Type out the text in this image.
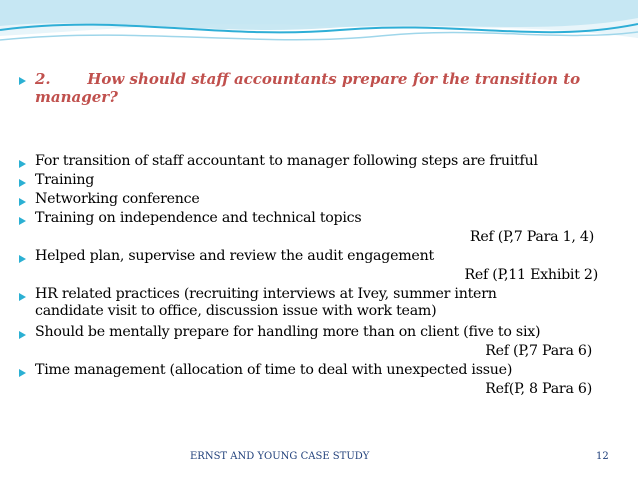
2. How should staff accountants prepare for the transition to

manager?

For transition of staff accountant to manager following steps are fruitful

Training

Networking conference

Training on independence and technical topics

Ref (P,7 Para 1, 4)

Helped plan, supervise and review the audit engagement

Ref (P,11 Exhibit 2)

HR related practices (recruiting interviews at Ivey, summer intern

candidate visit to office, discussion issue with work team)

Should be mentally prepare for handling more than on client (five to six)

Ref (P,7 Para 6)

Time management (allocation of time to deal with unexpected issue)

Ref(P, 8 Para 6)

ERNST AND YOUNG CASE STUDY	12
